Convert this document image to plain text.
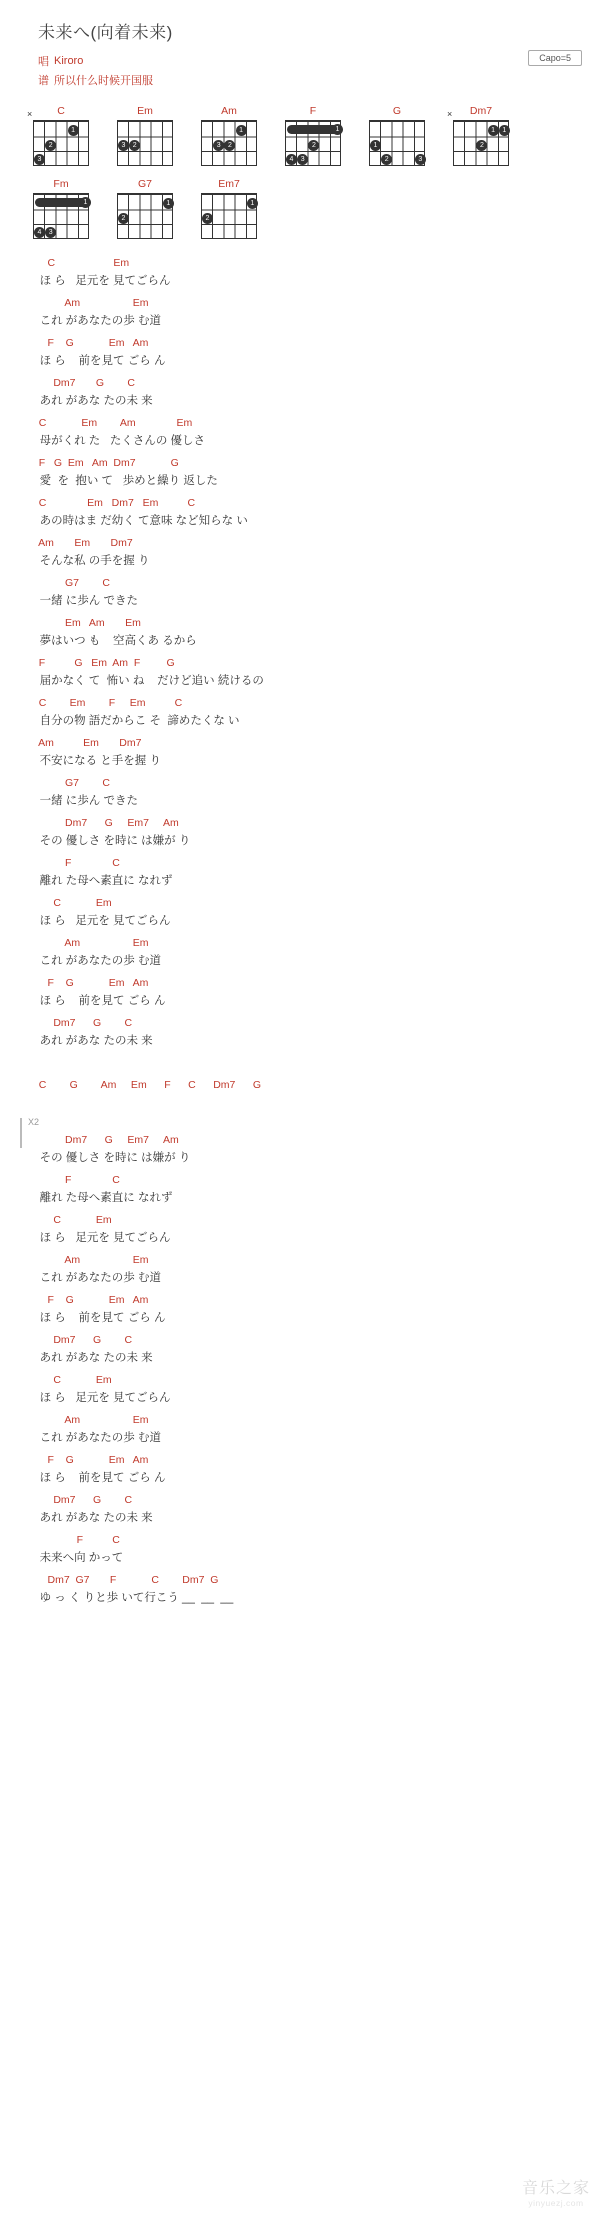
未来へ(向着未来)
唱 Kiroro
谱 所以什么时候开国服
Capo=5
C
×
1
2
3
Em
2
3
Am
1
2
3
F
1
2
3
4
G
1
2	3
Dm7
×
1	1
2
Fm
1
3
4
G7
2
1
Em7
2
1
C                    Em
ほ ら   足元を 見てごらん
Am                  Em
これ があなたの歩 む道
F    G            Em   Am
ほ ら    前を見て ごら ん
Dm7       G        C
あれ があな たの未 来
C            Em        Am              Em
母がくれ た   たくさんの 優しさ
F   G  Em   Am  Dm7            G
愛  を  抱い て   歩めと繰り 返した
C              Em   Dm7   Em          C
あの時はま だ幼く て意味 など知らな い
Am       Em       Dm7
そんな私 の手を握 り
G7        C
一緒 に歩ん できた
Em   Am       Em
夢はいつ も    空高くあ るから
F          G   Em  Am  F         G
届かなく て  怖い ね    だけど追い 続けるの
C        Em        F     Em          C
自分の物 語だからこ そ  諦めたくな い
Am          Em       Dm7
不安になる と手を握 り
G7        C
一緒 に歩ん できた
Dm7      G     Em7     Am
その 優しさ を時に は嫌が り
F              C
離れ た母へ素直に なれず
C            Em
ほ ら   足元を 見てごらん
Am                  Em
これ があなたの歩 む道
F    G            Em   Am
ほ ら    前を見て ごら ん
Dm7      G        C
あれ があな たの未 来
C        G        Am     Em      F      C      Dm7      G
X2
Dm7      G     Em7     Am
その 優しさ を時に は嫌が り
F              C
離れ た母へ素直に なれず
C            Em
ほ ら   足元を 見てごらん
Am                  Em
これ があなたの歩 む道
F    G            Em   Am
ほ ら    前を見て ごら ん
Dm7      G        C
あれ があな たの未 来
C            Em
ほ ら   足元を 見てごらん
Am                  Em
これ があなたの歩 む道
F    G            Em   Am
ほ ら    前を見て ごら ん
Dm7      G        C
あれ があな たの未 来
F          C
未来へ向 かって
Dm7  G7       F            C        Dm7  G
ゆ っ く りと歩 いて行こう __  __  __
音乐之家
yinyuezj.com
